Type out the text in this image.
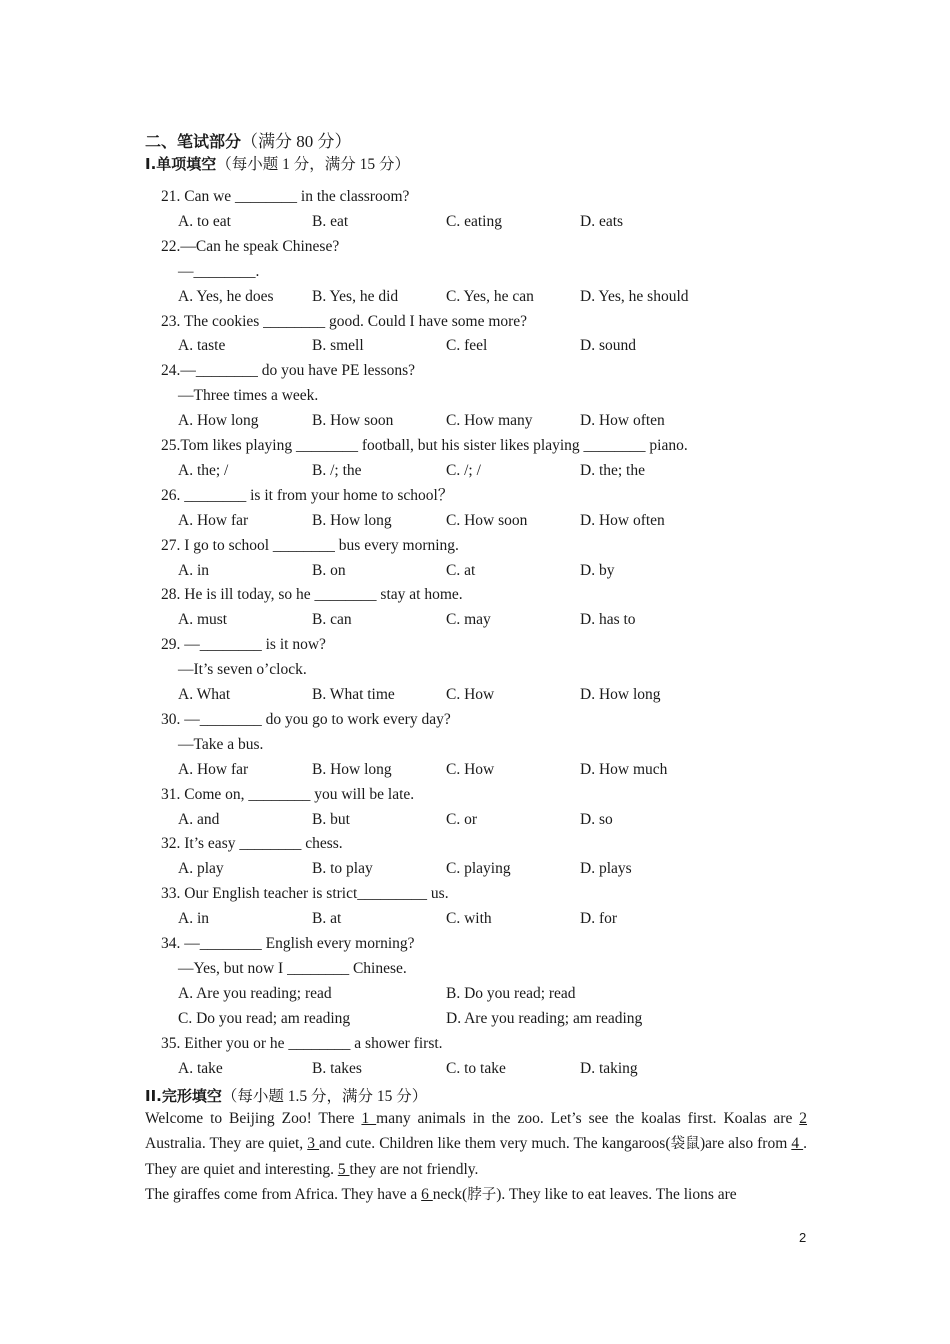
二、笔试部分（满分 80 分）
I.单项填空（每小题 1 分，满分 15 分）
21. Can we ________ in the classroom?
A. to eat	B. eat	C. eating	D. eats
22.—Can he speak Chinese?
—________.
A. Yes, he does B. Yes, he did	C. Yes, he can	D. Yes, he should
23. The cookies ________ good. Could I have some more?
A. taste	B. smell	C. feel	D. sound
24.—________ do you have PE lessons?
—Three times a week.
A. How long	B. How soon	C. How many	D. How often
25.Tom likes playing ________ football, but his sister likes playing ________ piano.
A. the; /	B. /; the	C. /; /	D. the; the
26. ________ is it from your home to school？
A. How far	B. How long	C. How soon	D. How often
27. I go to school ________ bus every morning.
A. in	B. on	C. at	D. by
28. He is ill today, so he ________ stay at home.
A. must	B. can	C. may	D. has to
29. —________ is it now?
—It’s seven o’clock.
A. What	B. What time	C. How	D. How long
30. —________ do you go to work every day?
—Take a bus.
A. How far	B. How long	C. How	D. How much
31. Come on, ________ you will be late.
A. and	B. but	C. or	D. so
32. It’s easy ________ chess.
A. play	B. to play	C. playing	D. plays
33. Our English teacher is strict_________ us.
A. in	B. at	C. with	D. for
34. —________ English every morning?
—Yes, but now I ________ Chinese.
A. Are you reading; read	B. Do you read; read
C. Do you read; am reading	D. Are you reading; am reading
35. Either you or he ________ a shower first.
A. take	B. takes	C. to take	D. taking
II.完形填空（每小题 1.5 分，满分 15 分）

Welcome to Beijing Zoo! There 1 many animals in the zoo. Let’s see the koalas first. Koalas are 2 Australia. They are quiet, 3 and cute. Children like them very much. The kangaroos(袋鼠)are also from 4 . They are quiet and interesting. 5 they are not friendly.

The giraffes come from Africa. They have a 6 neck(脖子). They like to eat leaves. The lions are

2
